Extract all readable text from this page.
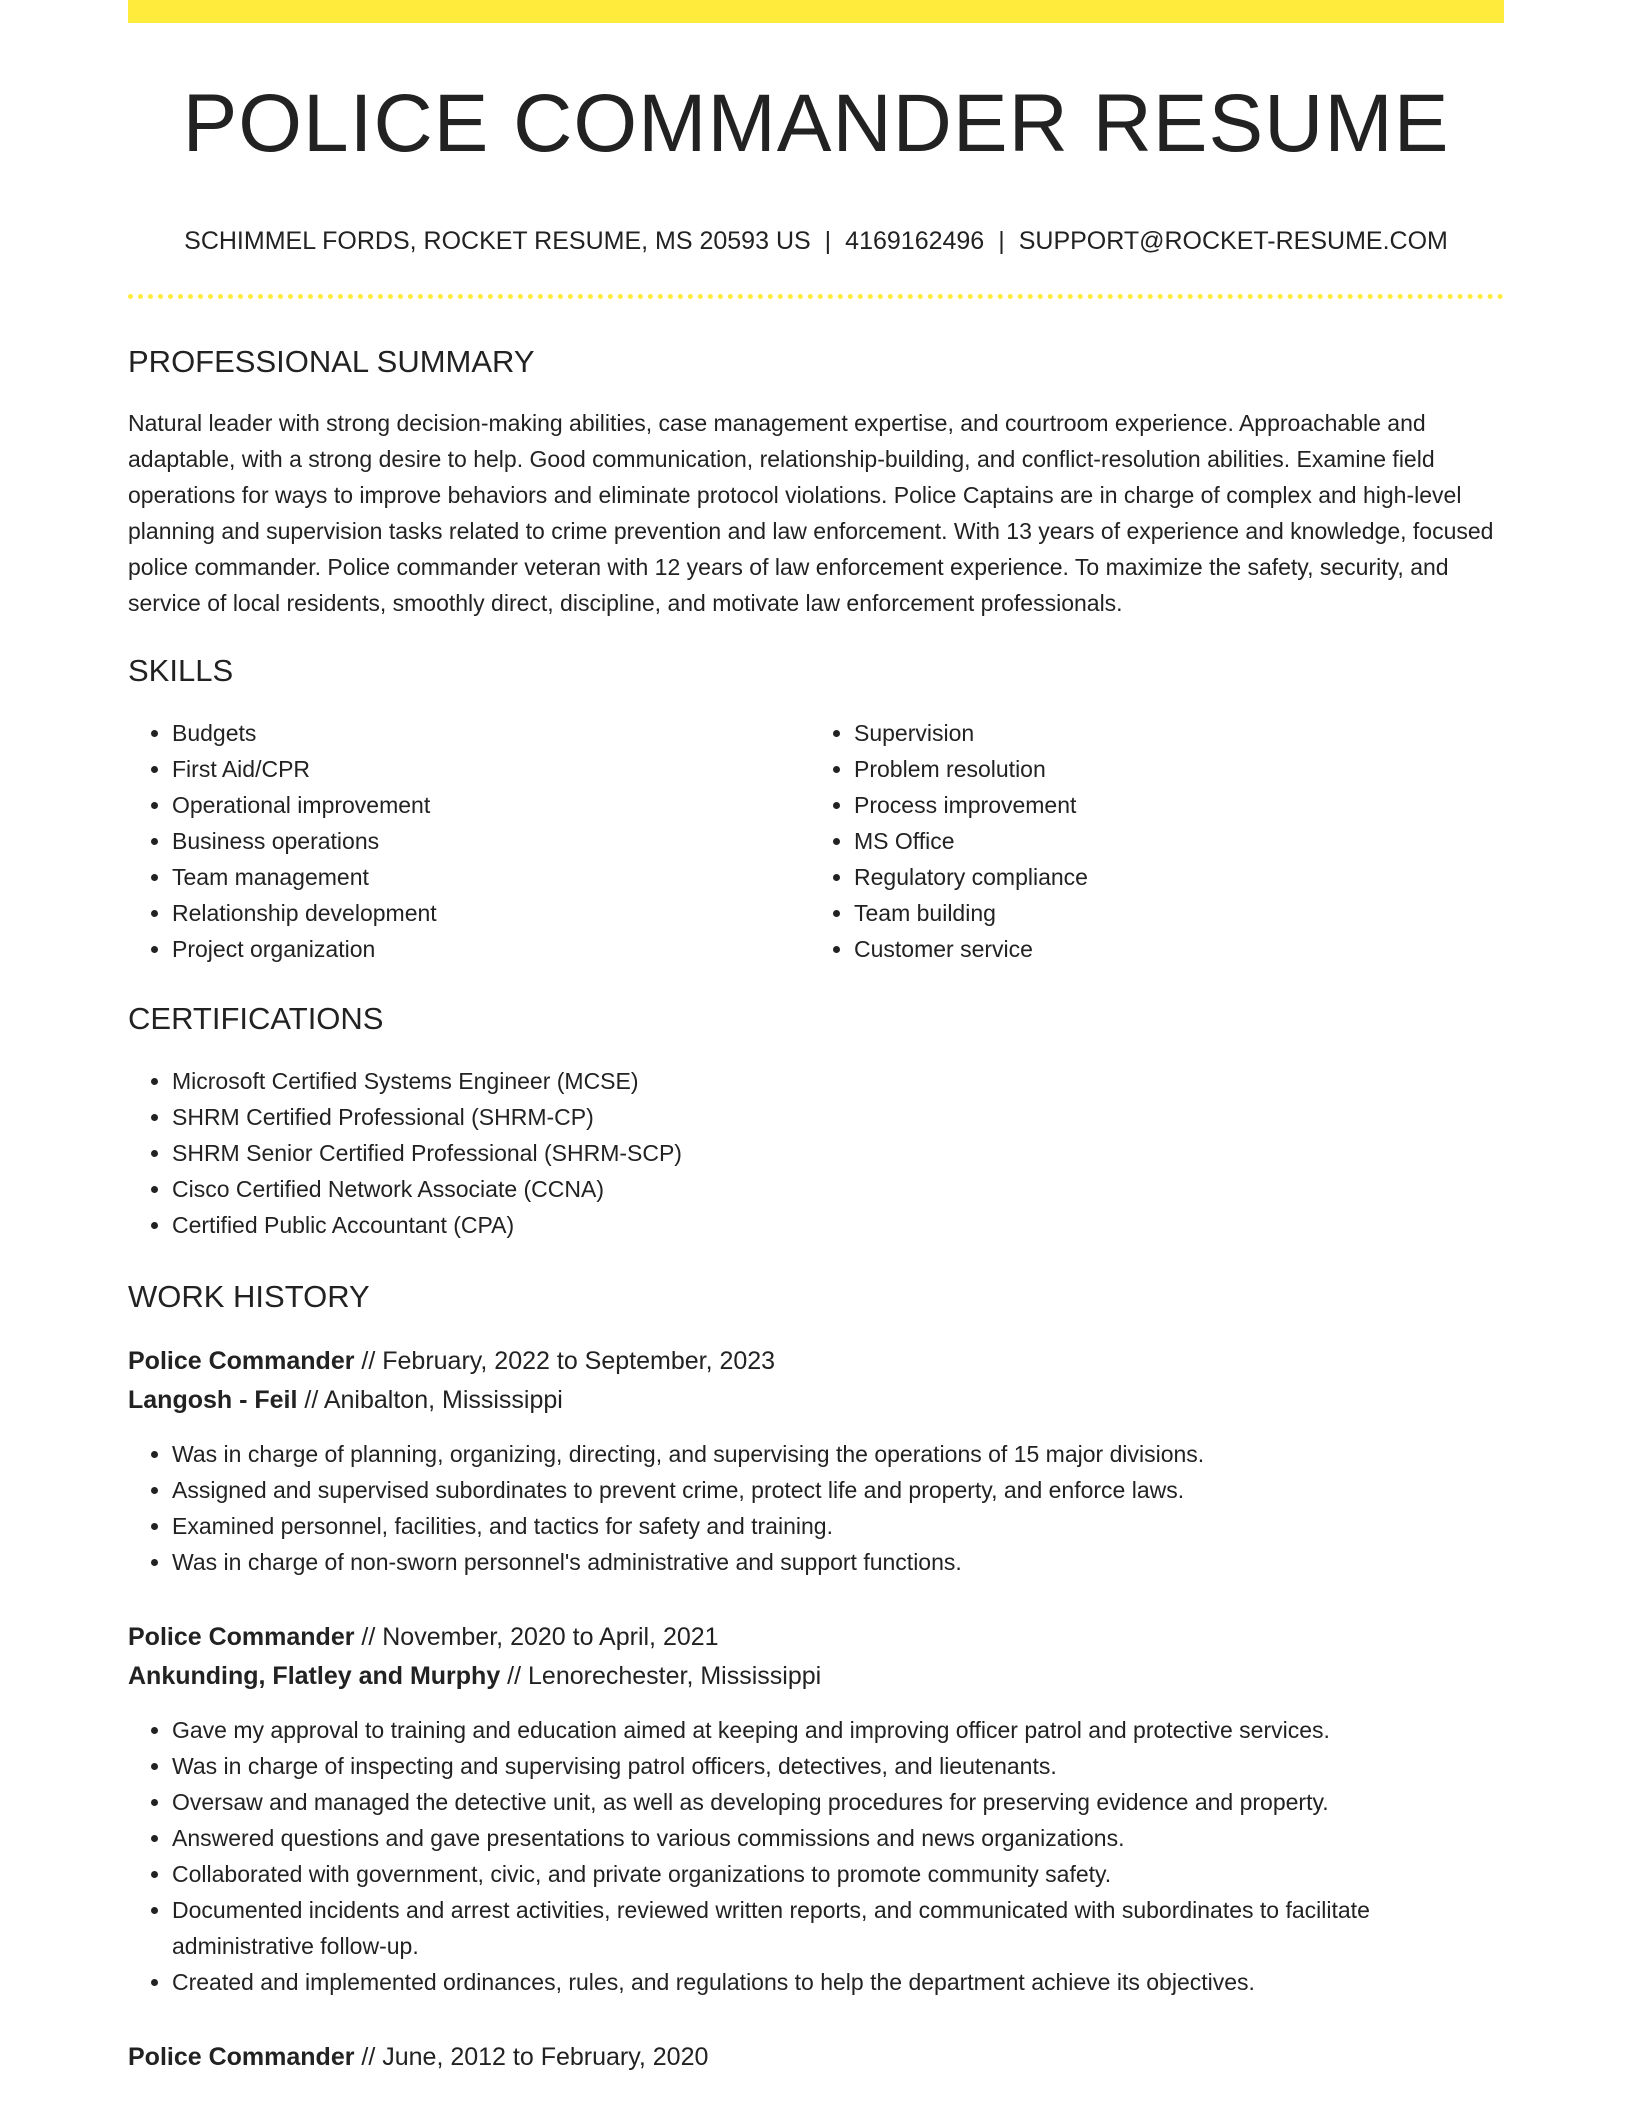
POLICE COMMANDER RESUME
SCHIMMEL FORDS, ROCKET RESUME, MS 20593 US | 4169162496 | SUPPORT@ROCKET-RESUME.COM
PROFESSIONAL SUMMARY
Natural leader with strong decision-making abilities, case management expertise, and courtroom experience. Approachable and adaptable, with a strong desire to help. Good communication, relationship-building, and conflict-resolution abilities. Examine field operations for ways to improve behaviors and eliminate protocol violations. Police Captains are in charge of complex and high-level planning and supervision tasks related to crime prevention and law enforcement. With 13 years of experience and knowledge, focused police commander. Police commander veteran with 12 years of law enforcement experience. To maximize the safety, security, and service of local residents, smoothly direct, discipline, and motivate law enforcement professionals.
SKILLS
• Budgets
• First Aid/CPR
• Operational improvement
• Business operations
• Team management
• Relationship development
• Project organization
• Supervision
• Problem resolution
• Process improvement
• MS Office
• Regulatory compliance
• Team building
• Customer service
CERTIFICATIONS
• Microsoft Certified Systems Engineer (MCSE)
• SHRM Certified Professional (SHRM-CP)
• SHRM Senior Certified Professional (SHRM-SCP)
• Cisco Certified Network Associate (CCNA)
• Certified Public Accountant (CPA)
WORK HISTORY
Police Commander // February, 2022 to September, 2023
Langosh - Feil // Anibalton, Mississippi
• Was in charge of planning, organizing, directing, and supervising the operations of 15 major divisions.
• Assigned and supervised subordinates to prevent crime, protect life and property, and enforce laws.
• Examined personnel, facilities, and tactics for safety and training.
• Was in charge of non-sworn personnel's administrative and support functions.
Police Commander // November, 2020 to April, 2021
Ankunding, Flatley and Murphy // Lenorechester, Mississippi
• Gave my approval to training and education aimed at keeping and improving officer patrol and protective services.
• Was in charge of inspecting and supervising patrol officers, detectives, and lieutenants.
• Oversaw and managed the detective unit, as well as developing procedures for preserving evidence and property.
• Answered questions and gave presentations to various commissions and news organizations.
• Collaborated with government, civic, and private organizations to promote community safety.
• Documented incidents and arrest activities, reviewed written reports, and communicated with subordinates to facilitate administrative follow-up.
• Created and implemented ordinances, rules, and regulations to help the department achieve its objectives.
Police Commander // June, 2012 to February, 2020
